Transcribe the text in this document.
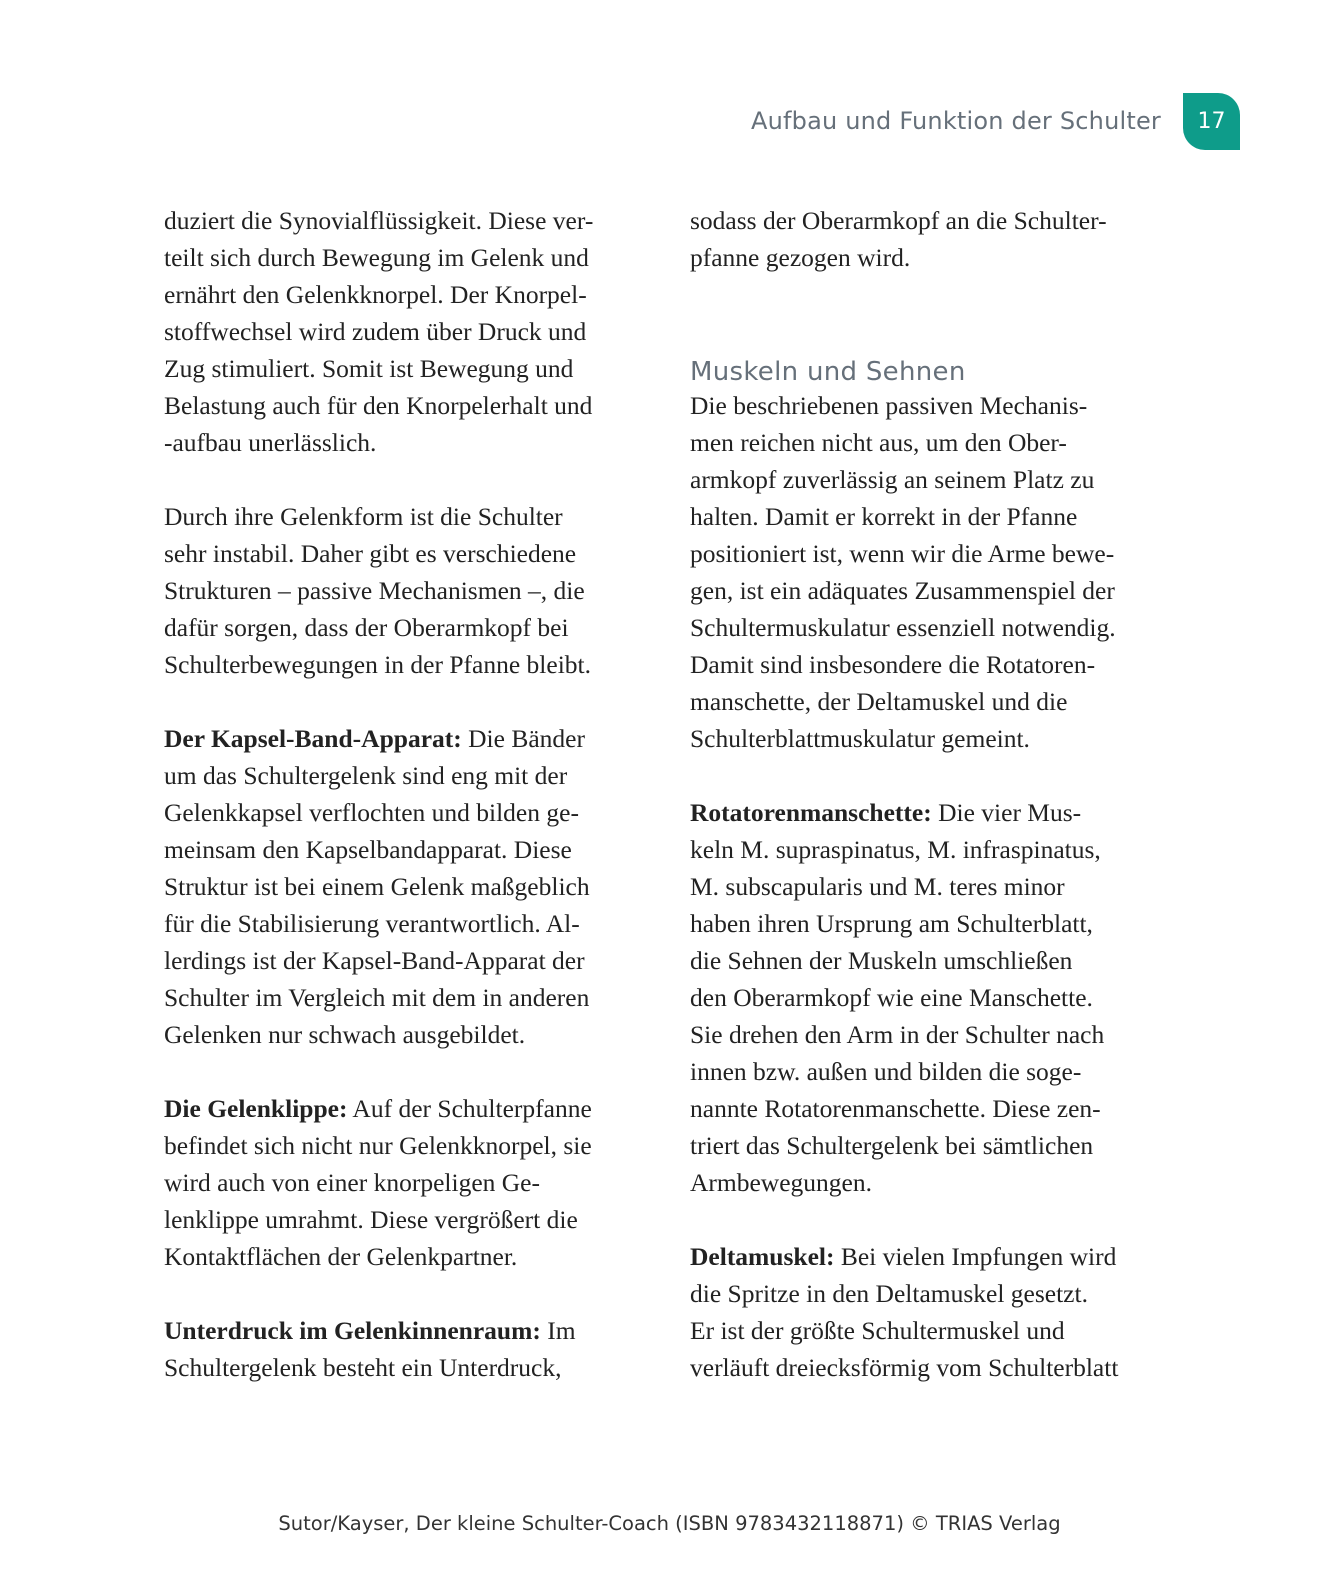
Aufbau und Funktion der Schulter	17
duziert die Synovialflüssigkeit. Diese ver-
teilt sich durch Bewegung im Gelenk und
ernährt den Gelenkknorpel. Der Knorpel-
stoffwechsel wird zudem über Druck und
Zug stimuliert. Somit ist Bewegung und
Belastung auch für den Knorpelerhalt und
-aufbau unerlässlich.
Durch ihre Gelenkform ist die Schulter
sehr instabil. Daher gibt es verschiedene
Strukturen – passive Mechanismen –, die
dafür sorgen, dass der Oberarmkopf bei
Schulterbewegungen in der Pfanne bleibt.
Der Kapsel-Band-Apparat: Die Bänder
um das Schultergelenk sind eng mit der
Gelenkkapsel verflochten und bilden ge-
meinsam den Kapselbandapparat. Diese
Struktur ist bei einem Gelenk maßgeblich
für die Stabilisierung verantwortlich. Al-
lerdings ist der Kapsel-Band-Apparat der
Schulter im Vergleich mit dem in anderen
Gelenken nur schwach ausgebildet.
Die Gelenklippe: Auf der Schulterpfanne
befindet sich nicht nur Gelenkknorpel, sie
wird auch von einer knorpeligen Ge-
lenklippe umrahmt. Diese vergrößert die
Kontaktflächen der Gelenkpartner.
Unterdruck im Gelenkinnenraum: Im
Schultergelenk besteht ein Unterdruck,
sodass der Oberarmkopf an die Schulter-
pfanne gezogen wird.
Muskeln und Sehnen
Die beschriebenen passiven Mechanis-
men reichen nicht aus, um den Ober-
armkopf zuverlässig an seinem Platz zu
halten. Damit er korrekt in der Pfanne
positioniert ist, wenn wir die Arme bewe-
gen, ist ein adäquates Zusammenspiel der
Schultermuskulatur essenziell notwendig.
Damit sind insbesondere die Rotatoren-
manschette, der Deltamuskel und die
Schulterblattmuskulatur gemeint.
Rotatorenmanschette: Die vier Mus-
keln M. supraspinatus, M. infraspinatus,
M. subscapularis und M. teres minor
haben ihren Ursprung am Schulterblatt,
die Sehnen der Muskeln umschließen
den Oberarmkopf wie eine Manschette.
Sie drehen den Arm in der Schulter nach
innen bzw. außen und bilden die soge-
nannte Rotatorenmanschette. Diese zen-
triert das Schultergelenk bei sämtlichen
Armbewegungen.
Deltamuskel: Bei vielen Impfungen wird
die Spritze in den Deltamuskel gesetzt.
Er ist der größte Schultermuskel und
verläuft dreiecksförmig vom Schulterblatt
Sutor/Kayser, Der kleine Schulter-Coach (ISBN 9783432118871) © TRIAS Verlag
